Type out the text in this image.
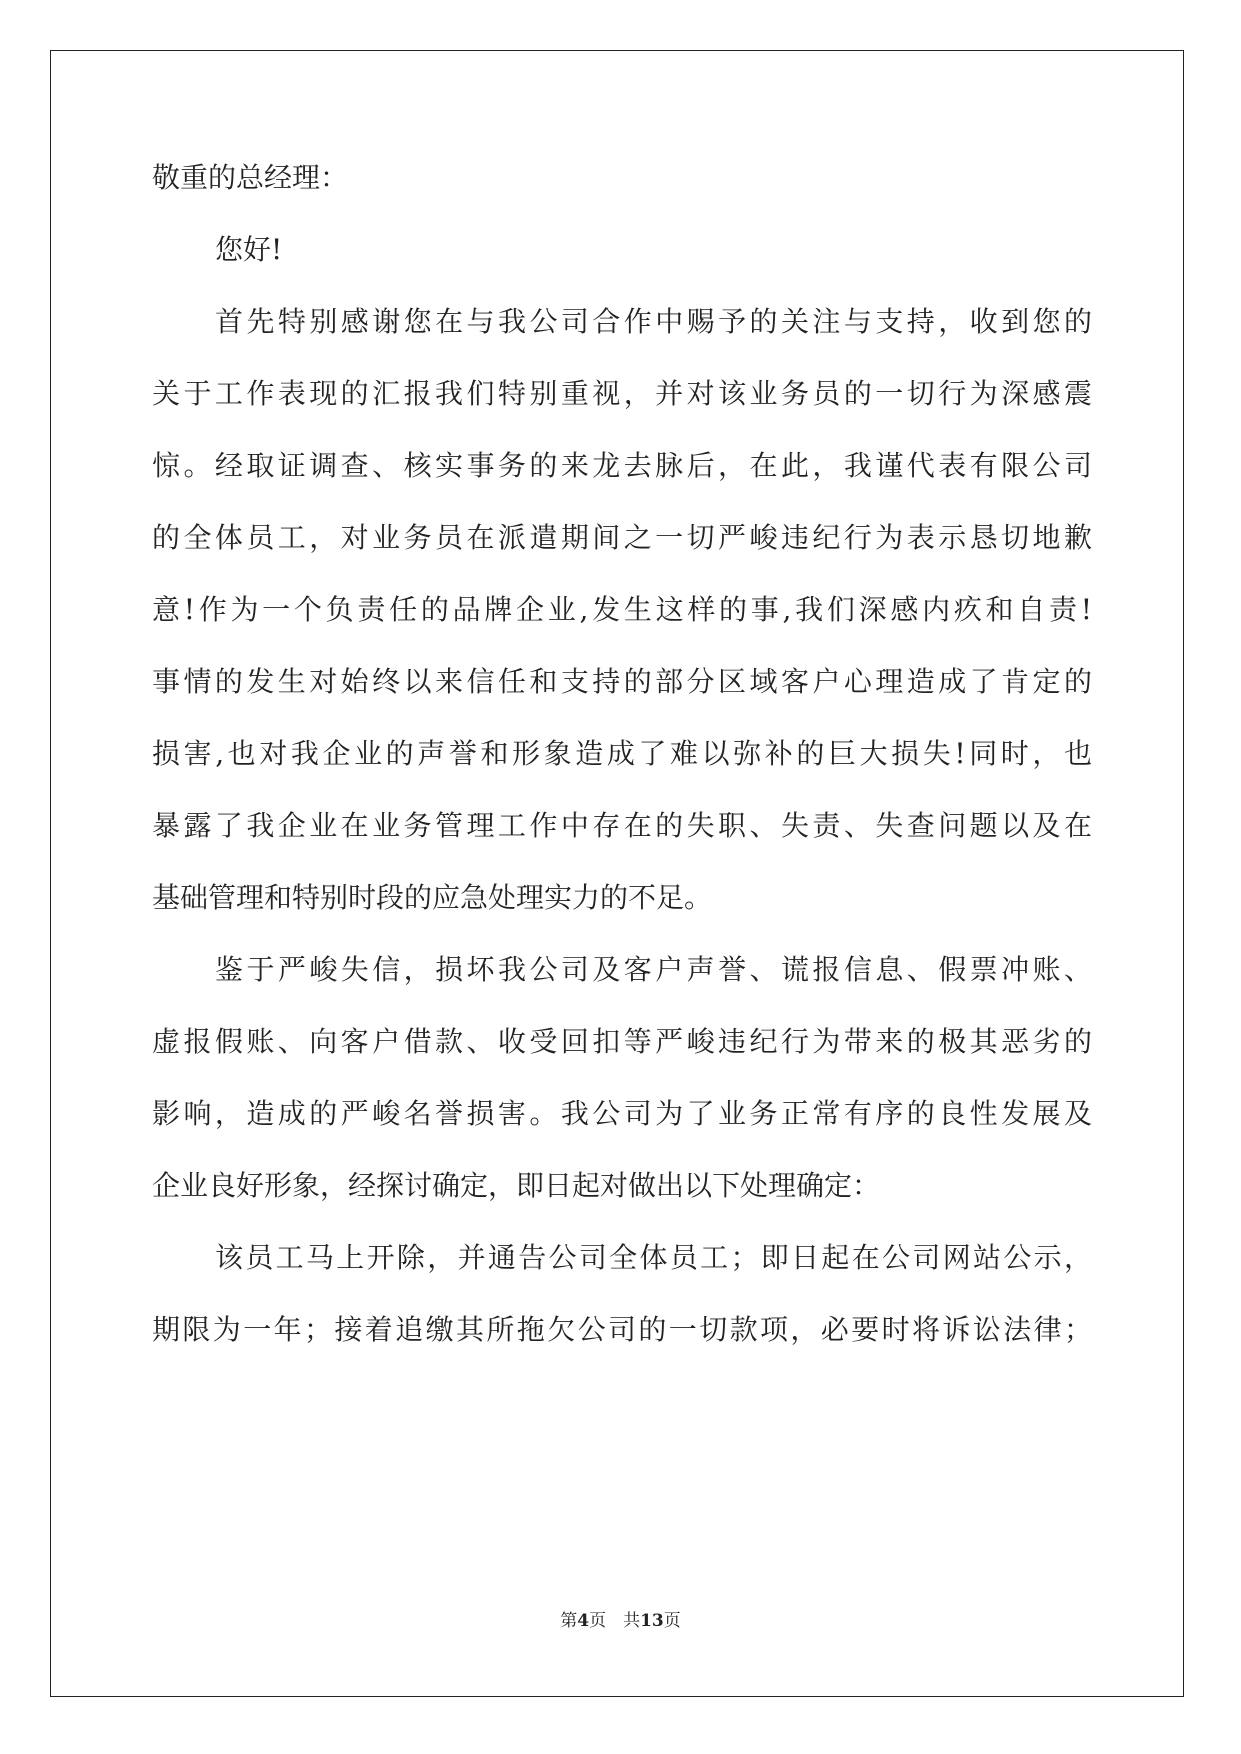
敬重的总经理：
您好!
首先特别感谢您在与我公司合作中赐予的关注与支持，收到您的
关于工作表现的汇报我们特别重视，并对该业务员的一切行为深感震
惊。经取证调查、核实事务的来龙去脉后，在此，我谨代表有限公司
的全体员工，对业务员在派遣期间之一切严峻违纪行为表示恳切地歉
意!作为一个负责任的品牌企业,发生这样的事,我们深感内疚和自责!
事情的发生对始终以来信任和支持的部分区域客户心理造成了肯定的
损害,也对我企业的声誉和形象造成了难以弥补的巨大损失!同时，也
暴露了我企业在业务管理工作中存在的失职、失责、失查问题以及在
基础管理和特别时段的应急处理实力的不足。
鉴于严峻失信，损坏我公司及客户声誉、谎报信息、假票冲账、
虚报假账、向客户借款、收受回扣等严峻违纪行为带来的极其恶劣的
影响，造成的严峻名誉损害。我公司为了业务正常有序的良性发展及
企业良好形象，经探讨确定，即日起对做出以下处理确定：
该员工马上开除，并通告公司全体员工；即日起在公司网站公示，
期限为一年；接着追缴其所拖欠公司的一切款项，必要时将诉讼法律；
第4页　共13页
